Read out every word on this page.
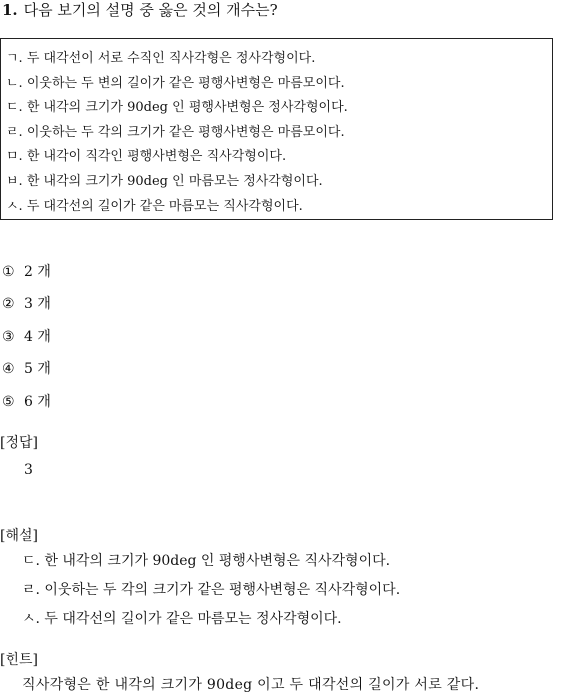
1. 다음 보기의 설명 중 옳은 것의 개수는?
ㄱ. 두 대각선이 서로 수직인 직사각형은 정사각형이다.
ㄴ. 이웃하는 두 변의 길이가 같은 평행사변형은 마름모이다.
ㄷ. 한 내각의 크기가 90deg 인 평행사변형은 정사각형이다.
ㄹ. 이웃하는 두 각의 크기가 같은 평행사변형은 마름모이다.
ㅁ. 한 내각이 직각인 평행사변형은 직사각형이다.
ㅂ. 한 내각의 크기가 90deg 인 마름모는 정사각형이다.
ㅅ. 두 대각선의 길이가 같은 마름모는 직사각형이다.
① 2 개
② 3 개
③ 4 개
④ 5 개
⑤ 6 개
[정답]
3
[해설]
ㄷ. 한 내각의 크기가 90deg 인 평행사변형은 직사각형이다.
ㄹ. 이웃하는 두 각의 크기가 같은 평행사변형은 직사각형이다.
ㅅ. 두 대각선의 길이가 같은 마름모는 정사각형이다.
[힌트]
직사각형은 한 내각의 크기가 90deg 이고 두 대각선의 길이가 서로 같다.
